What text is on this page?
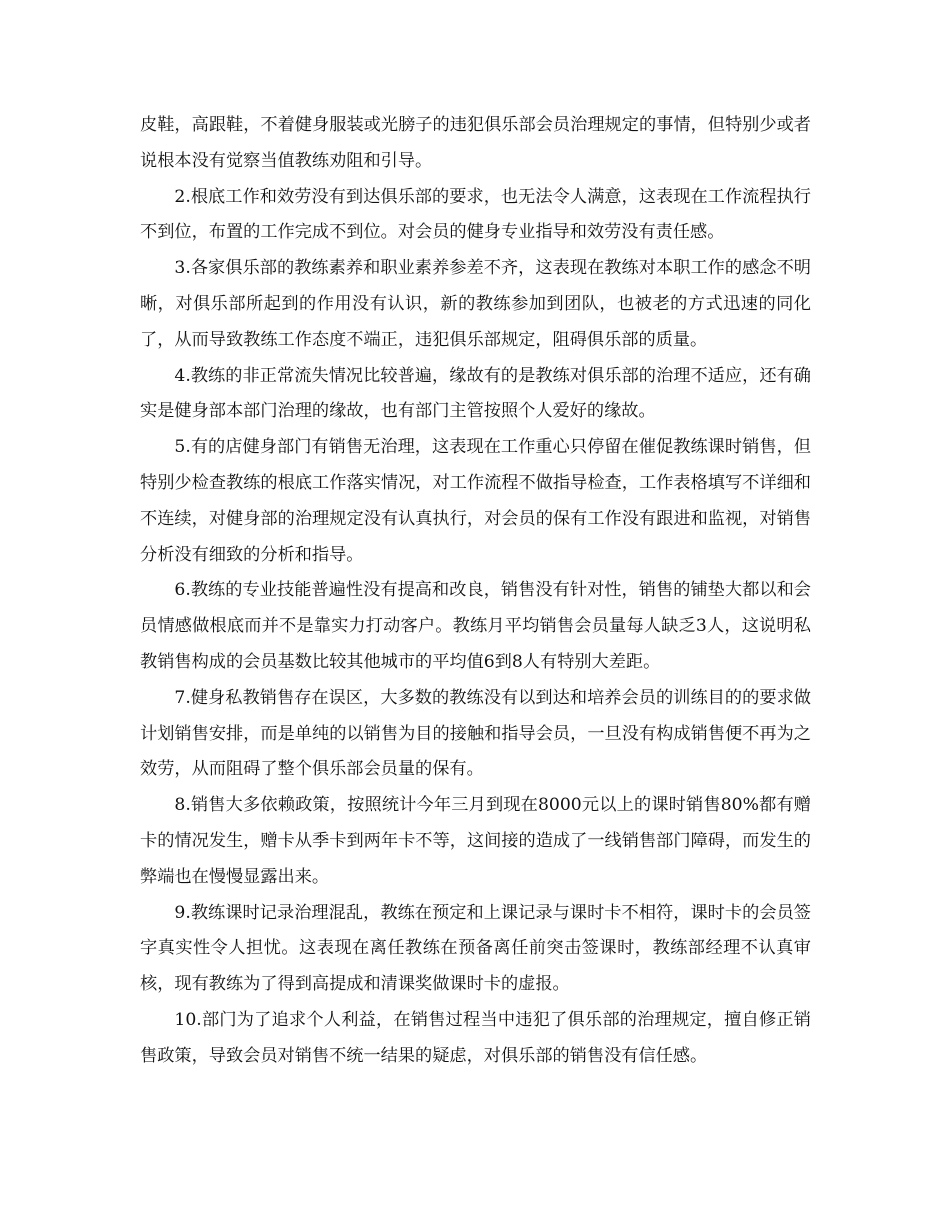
皮鞋，高跟鞋，不着健身服装或光膀子的违犯俱乐部会员治理规定的事情，但特别少或者说根本没有觉察当值教练劝阻和引导。

2.根底工作和效劳没有到达俱乐部的要求，也无法令人满意，这表现在工作流程执行不到位，布置的工作完成不到位。对会员的健身专业指导和效劳没有责任感。

3.各家俱乐部的教练素养和职业素养参差不齐，这表现在教练对本职工作的感念不明晰，对俱乐部所起到的作用没有认识，新的教练参加到团队，也被老的方式迅速的同化了，从而导致教练工作态度不端正，违犯俱乐部规定，阻碍俱乐部的质量。

4.教练的非正常流失情况比较普遍，缘故有的是教练对俱乐部的治理不适应，还有确实是健身部本部门治理的缘故，也有部门主管按照个人爱好的缘故。

5.有的店健身部门有销售无治理，这表现在工作重心只停留在催促教练课时销售，但特别少检查教练的根底工作落实情况，对工作流程不做指导检查，工作表格填写不详细和不连续，对健身部的治理规定没有认真执行，对会员的保有工作没有跟进和监视，对销售分析没有细致的分析和指导。

6.教练的专业技能普遍性没有提高和改良，销售没有针对性，销售的铺垫大都以和会员情感做根底而并不是靠实力打动客户。教练月平均销售会员量每人缺乏3人，这说明私教销售构成的会员基数比较其他城市的平均值6到8人有特别大差距。

7.健身私教销售存在误区，大多数的教练没有以到达和培养会员的训练目的的要求做计划销售安排，而是单纯的以销售为目的接触和指导会员，一旦没有构成销售便不再为之效劳，从而阻碍了整个俱乐部会员量的保有。

8.销售大多依赖政策，按照统计今年三月到现在8000元以上的课时销售80%都有赠卡的情况发生，赠卡从季卡到两年卡不等，这间接的造成了一线销售部门障碍，而发生的弊端也在慢慢显露出来。

9.教练课时记录治理混乱，教练在预定和上课记录与课时卡不相符，课时卡的会员签字真实性令人担忧。这表现在离任教练在预备离任前突击签课时，教练部经理不认真审核，现有教练为了得到高提成和清课奖做课时卡的虚报。

10.部门为了追求个人利益，在销售过程当中违犯了俱乐部的治理规定，擅自修正销售政策，导致会员对销售不统一结果的疑虑，对俱乐部的销售没有信任感。
